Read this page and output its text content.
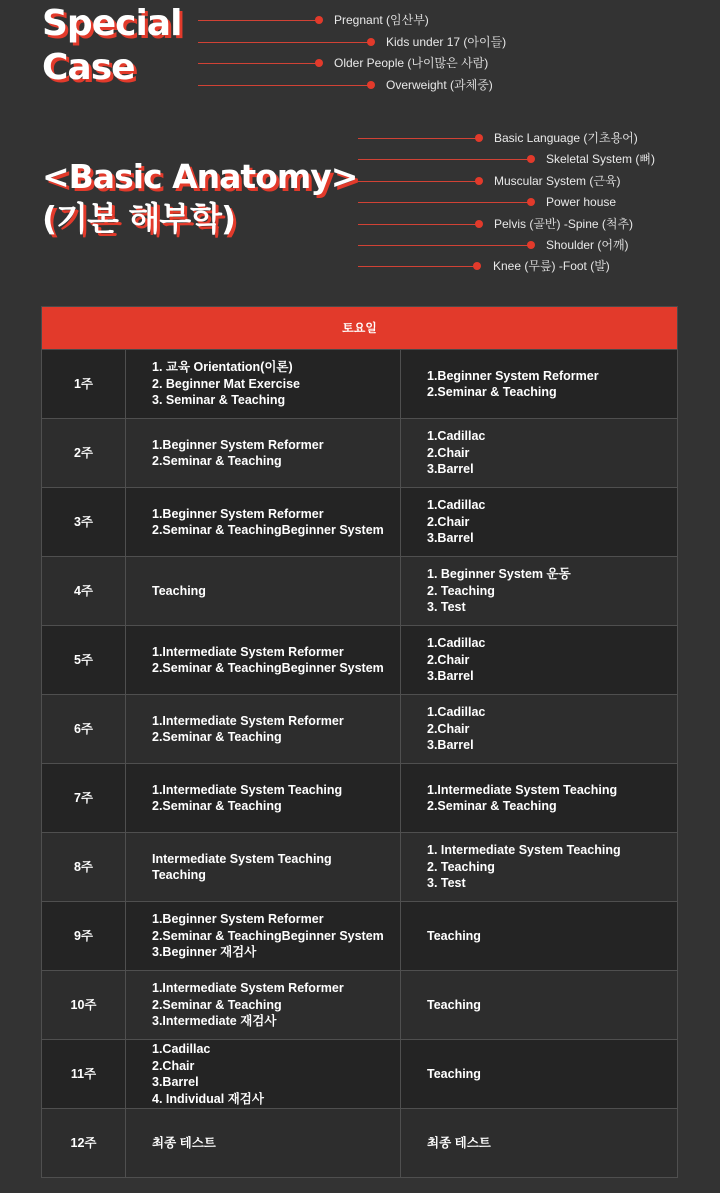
Special
Case
Pregnant (임산부)
Kids under 17 (아이들)
Older People (나이많은 사람)
Overweight (과체중)
<Basic Anatomy>
(기본 해부학)
Basic Language (기초용어)
Skeletal System (뼈)
Muscular System (근육)
Power house
Pelvis (골반) -Spine (척추)
Shoulder (어깨)
Knee (무릎) -Foot (발)
토요일		
1주	1. 교육 Orientation(이론)
2. Beginner Mat Exercise
3. Seminar & Teaching	1.Beginner System Reformer
2.Seminar & Teaching
2주	1.Beginner System Reformer
2.Seminar & Teaching	1.Cadillac
2.Chair
3.Barrel
3주	1.Beginner System Reformer
2.Seminar & TeachingBeginner System	1.Cadillac
2.Chair
3.Barrel
4주	Teaching	1. Beginner System 운동
2. Teaching
3. Test
5주	1.Intermediate System Reformer
2.Seminar & TeachingBeginner System	1.Cadillac
2.Chair
3.Barrel
6주	1.Intermediate System Reformer
2.Seminar & Teaching	1.Cadillac
2.Chair
3.Barrel
7주	1.Intermediate System Teaching
2.Seminar & Teaching	1.Intermediate System Teaching
2.Seminar & Teaching
8주	Intermediate System Teaching
Teaching	1. Intermediate System Teaching
2. Teaching
3. Test
9주	1.Beginner System Reformer
2.Seminar & TeachingBeginner System
3.Beginner 재검사	Teaching
10주	1.Intermediate System Reformer
2.Seminar & Teaching
3.Intermediate 재검사	Teaching
11주	1.Cadillac
2.Chair
3.Barrel
4. Individual 재검사	Teaching
12주	최종 테스트	최종 테스트
